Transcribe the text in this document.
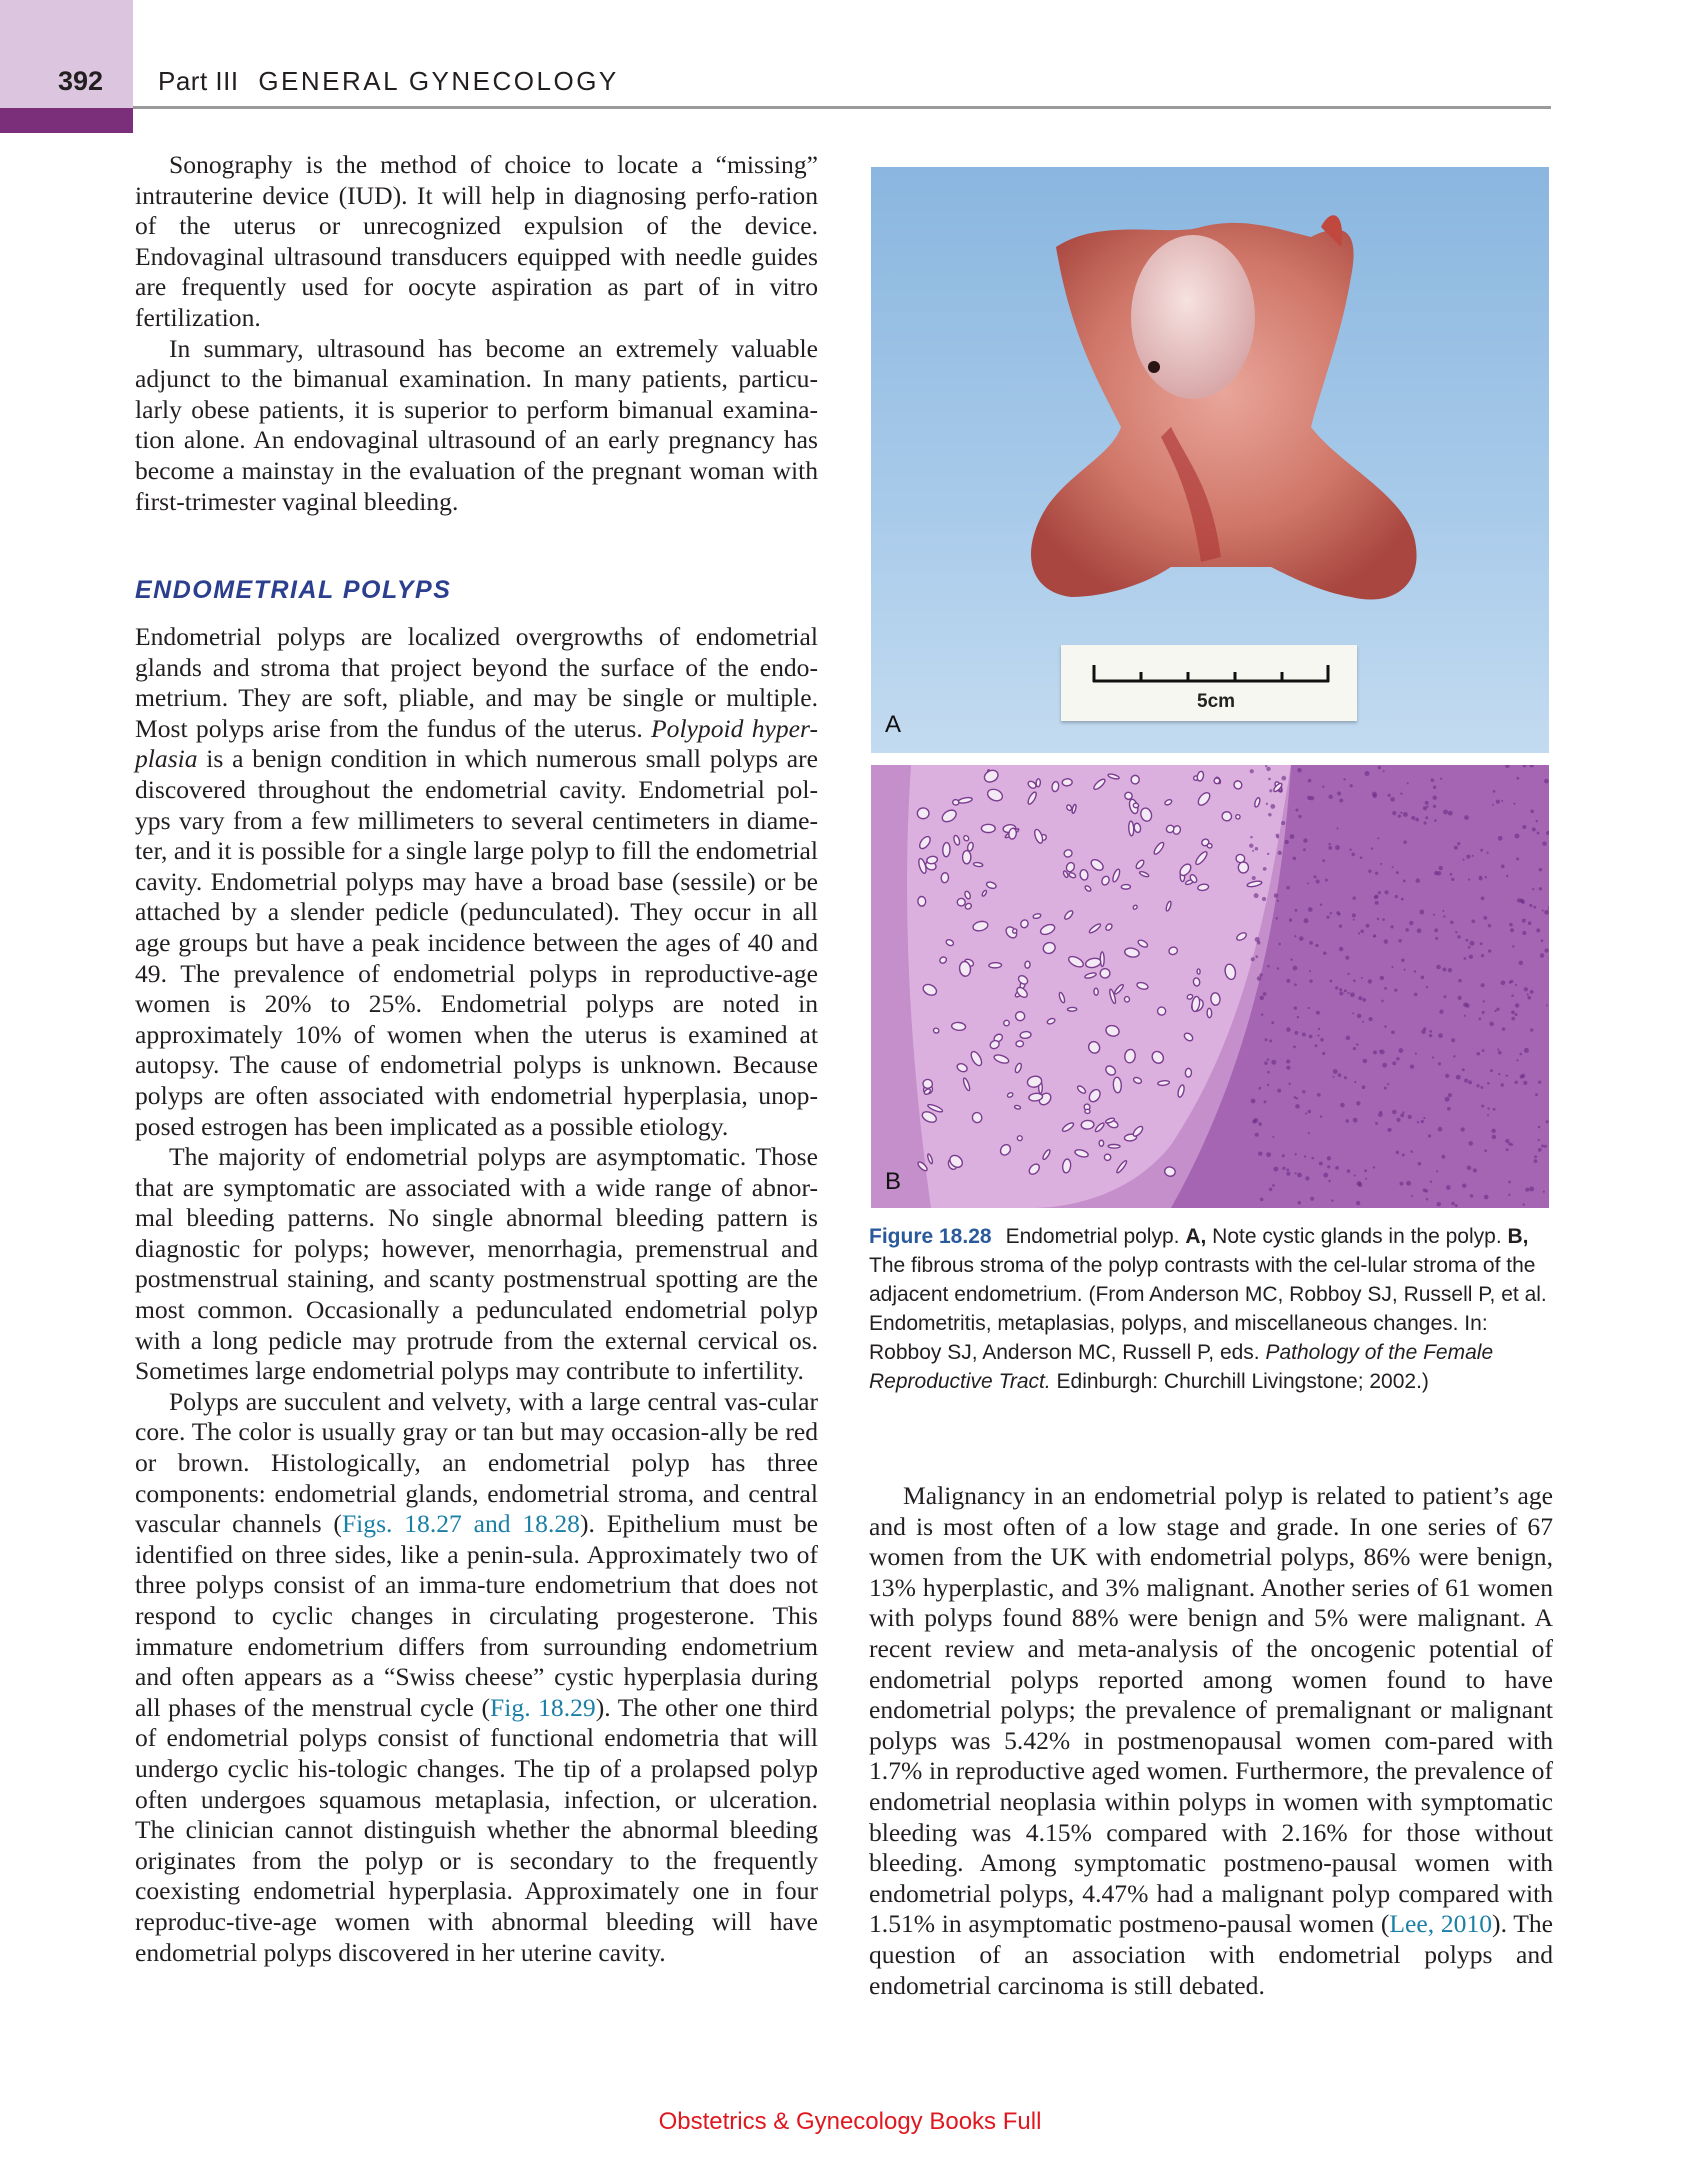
392 Part III GENERAL GYNECOLOGY

Sonography is the method of choice to locate a “missing” intrauterine device (IUD). It will help in diagnosing perfo-ration of the uterus or unrecognized expulsion of the device. Endovaginal ultrasound transducers equipped with needle guides are frequently used for oocyte aspiration as part of in vitro fertilization.

In summary, ultrasound has become an extremely valuable adjunct to the bimanual examination. In many patients, particu-larly obese patients, it is superior to perform bimanual examina-tion alone. An endovaginal ultrasound of an early pregnancy has become a mainstay in the evaluation of the pregnant woman with first-trimester vaginal bleeding.

ENDOMETRIAL POLYPS

Endometrial polyps are localized overgrowths of endometrial glands and stroma that project beyond the surface of the endo-metrium. They are soft, pliable, and may be single or multiple. Most polyps arise from the fundus of the uterus. Polypoid hyper-plasia is a benign condition in which numerous small polyps are discovered throughout the endometrial cavity. Endometrial pol-yps vary from a few millimeters to several centimeters in diame-ter, and it is possible for a single large polyp to fill the endometrial cavity. Endometrial polyps may have a broad base (sessile) or be attached by a slender pedicle (pedunculated). They occur in all age groups but have a peak incidence between the ages of 40 and 49. The prevalence of endometrial polyps in reproductive-age women is 20% to 25%. Endometrial polyps are noted in approximately 10% of women when the uterus is examined at autopsy. The cause of endometrial polyps is unknown. Because polyps are often associated with endometrial hyperplasia, unop-posed estrogen has been implicated as a possible etiology.

The majority of endometrial polyps are asymptomatic. Those that are symptomatic are associated with a wide range of abnor-mal bleeding patterns. No single abnormal bleeding pattern is diagnostic for polyps; however, menorrhagia, premenstrual and postmenstrual staining, and scanty postmenstrual spotting are the most common. Occasionally a pedunculated endometrial polyp with a long pedicle may protrude from the external cervical os. Sometimes large endometrial polyps may contribute to infertility.

Polyps are succulent and velvety, with a large central vas-cular core. The color is usually gray or tan but may occasion-ally be red or brown. Histologically, an endometrial polyp has three components: endometrial glands, endometrial stroma, and central vascular channels (Figs. 18.27 and 18.28). Epithelium must be identified on three sides, like a penin-sula. Approximately two of three polyps consist of an imma-ture endometrium that does not respond to cyclic changes in circulating progesterone. This immature endometrium differs from surrounding endometrium and often appears as a “Swiss cheese” cystic hyperplasia during all phases of the menstrual cycle (Fig. 18.29). The other one third of endometrial polyps consist of functional endometria that will undergo cyclic his-tologic changes. The tip of a prolapsed polyp often undergoes squamous metaplasia, infection, or ulceration. The clinician cannot distinguish whether the abnormal bleeding originates from the polyp or is secondary to the frequently coexisting endometrial hyperplasia. Approximately one in four reproduc-tive-age women with abnormal bleeding will have endometrial polyps discovered in her uterine cavity.

5cm
A
B
Figure 18.28 Endometrial polyp. A, Note cystic glands in the polyp. B, The fibrous stroma of the polyp contrasts with the cel-lular stroma of the adjacent endometrium. (From Anderson MC, Robboy SJ, Russell P, et al. Endometritis, metaplasias, polyps, and miscellaneous changes. In: Robboy SJ, Anderson MC, Russell P, eds. Pathology of the Female Reproductive Tract. Edinburgh: Churchill Livingstone; 2002.)

Malignancy in an endometrial polyp is related to patient’s age and is most often of a low stage and grade. In one series of 67 women from the UK with endometrial polyps, 86% were benign, 13% hyperplastic, and 3% malignant. Another series of 61 women with polyps found 88% were benign and 5% were malignant. A recent review and meta-analysis of the oncogenic potential of endometrial polyps reported among women found to have endometrial polyps; the prevalence of premalignant or malignant polyps was 5.42% in postmenopausal women com-pared with 1.7% in reproductive aged women. Furthermore, the prevalence of endometrial neoplasia within polyps in women with symptomatic bleeding was 4.15% compared with 2.16% for those without bleeding. Among symptomatic postmeno-pausal women with endometrial polyps, 4.47% had a malignant polyp compared with 1.51% in asymptomatic postmeno-pausal women (Lee, 2010). The question of an association with endometrial polyps and endometrial carcinoma is still debated.

Obstetrics & Gynecology Books Full
